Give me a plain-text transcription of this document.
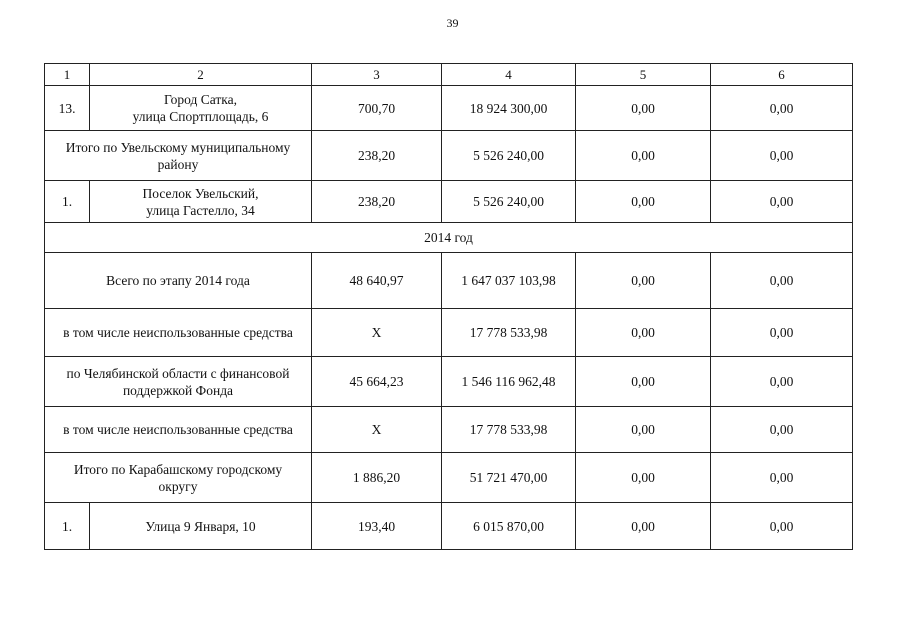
39
1	2	3	4	5	6
13.	Город Сатка,
улица Спортплощадь, 6	700,70	18 924 300,00	0,00	0,00

Итого по Увельскому муниципальному
району		238,20	5 526 240,00	0,00	0,00
1.	Поселок Увельский,
улица Гастелло, 34	238,20	5 526 240,00	0,00	0,00
2014 год					

Всего по этапу 2014 года		48 640,97	1 647 037 103,98	0,00	0,00

в том числе неиспользованные средства		Х	17 778 533,98	0,00	0,00

по Челябинской области с финансовой
поддержкой Фонда		45 664,23	1 546 116 962,48	0,00	0,00

в том числе неиспользованные средства		Х	17 778 533,98	0,00	0,00

Итого по Карабашскому городскому
округу		1 886,20	51 721 470,00	0,00	0,00
1.	Улица 9 Января, 10	193,40	6 015 870,00	0,00	0,00
